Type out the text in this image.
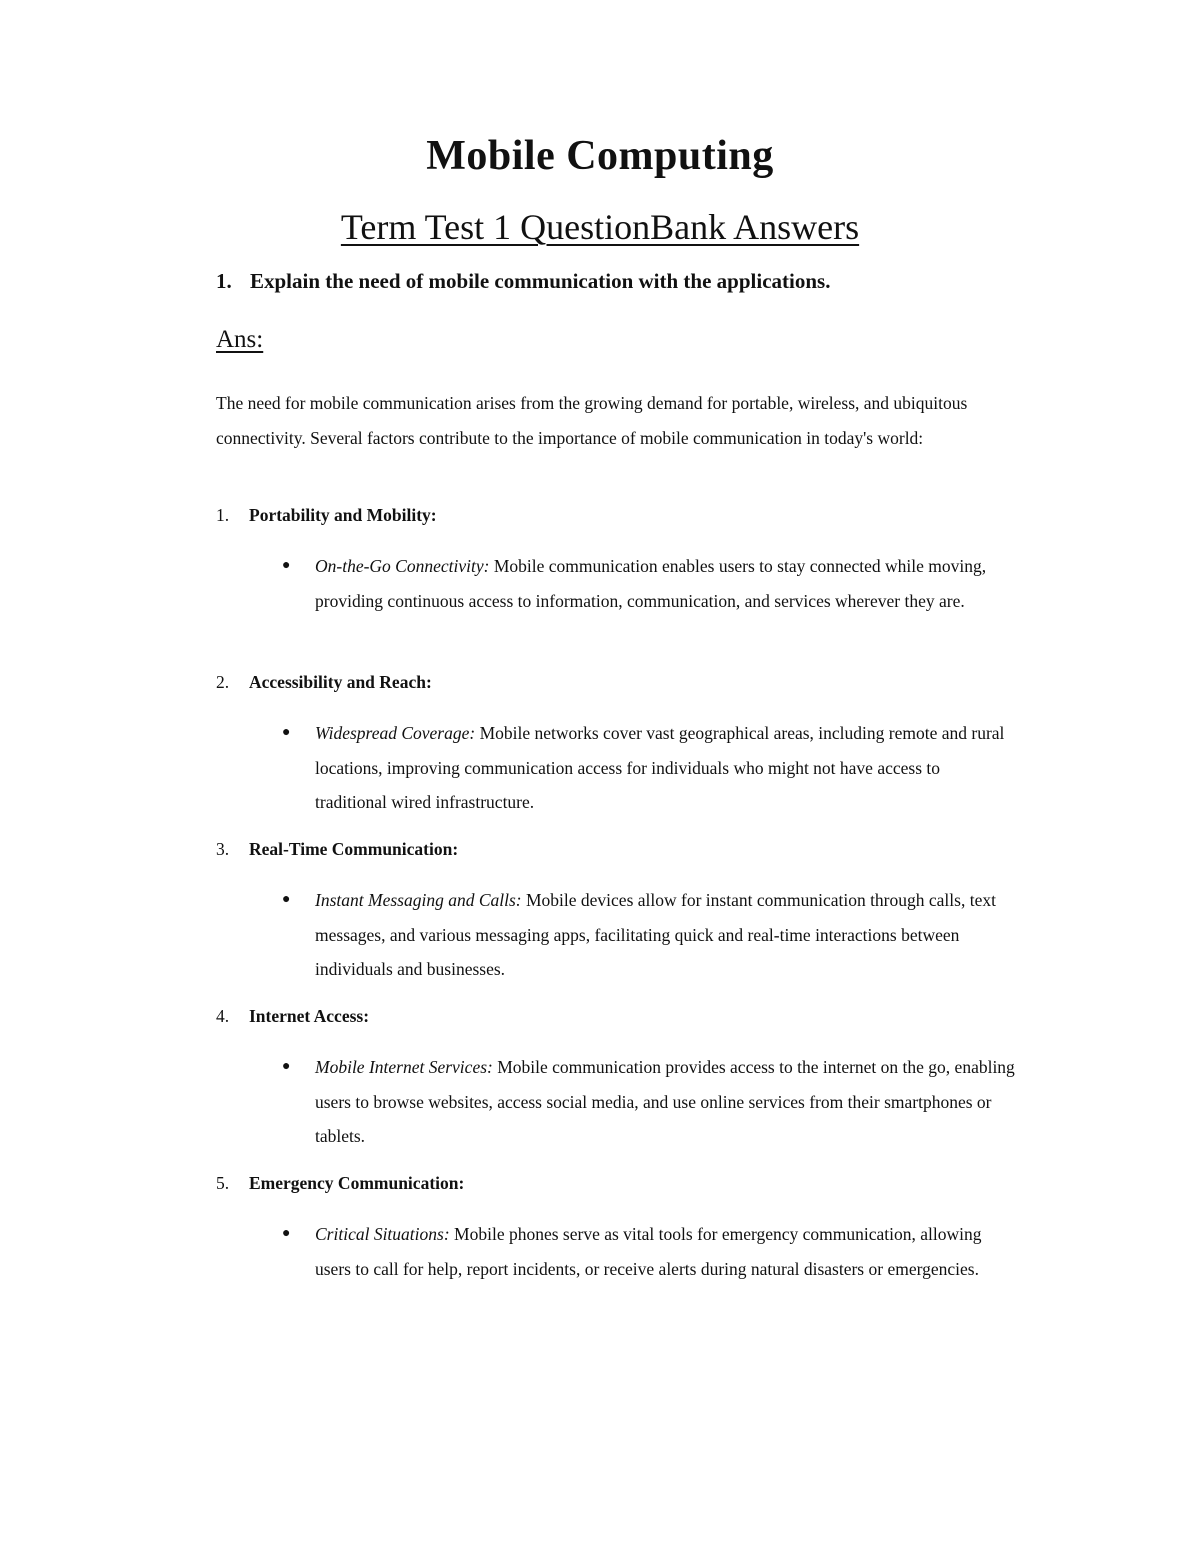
Mobile Computing
Term Test 1 QuestionBank Answers
1. Explain the need of mobile communication with the applications.
Ans:

The need for mobile communication arises from the growing demand for portable, wireless, and ubiquitous connectivity. Several factors contribute to the importance of mobile communication in today's world:

1. Portability and Mobility:
● On-the-Go Connectivity: Mobile communication enables users to stay connected while moving, providing continuous access to information, communication, and services wherever they are.
2. Accessibility and Reach:
● Widespread Coverage: Mobile networks cover vast geographical areas, including remote and rural locations, improving communication access for individuals who might not have access to traditional wired infrastructure.
3. Real-Time Communication:
● Instant Messaging and Calls: Mobile devices allow for instant communication through calls, text messages, and various messaging apps, facilitating quick and real-time interactions between individuals and businesses.
4. Internet Access:
● Mobile Internet Services: Mobile communication provides access to the internet on the go, enabling users to browse websites, access social media, and use online services from their smartphones or tablets.
5. Emergency Communication:
● Critical Situations: Mobile phones serve as vital tools for emergency communication, allowing users to call for help, report incidents, or receive alerts during natural disasters or emergencies.
